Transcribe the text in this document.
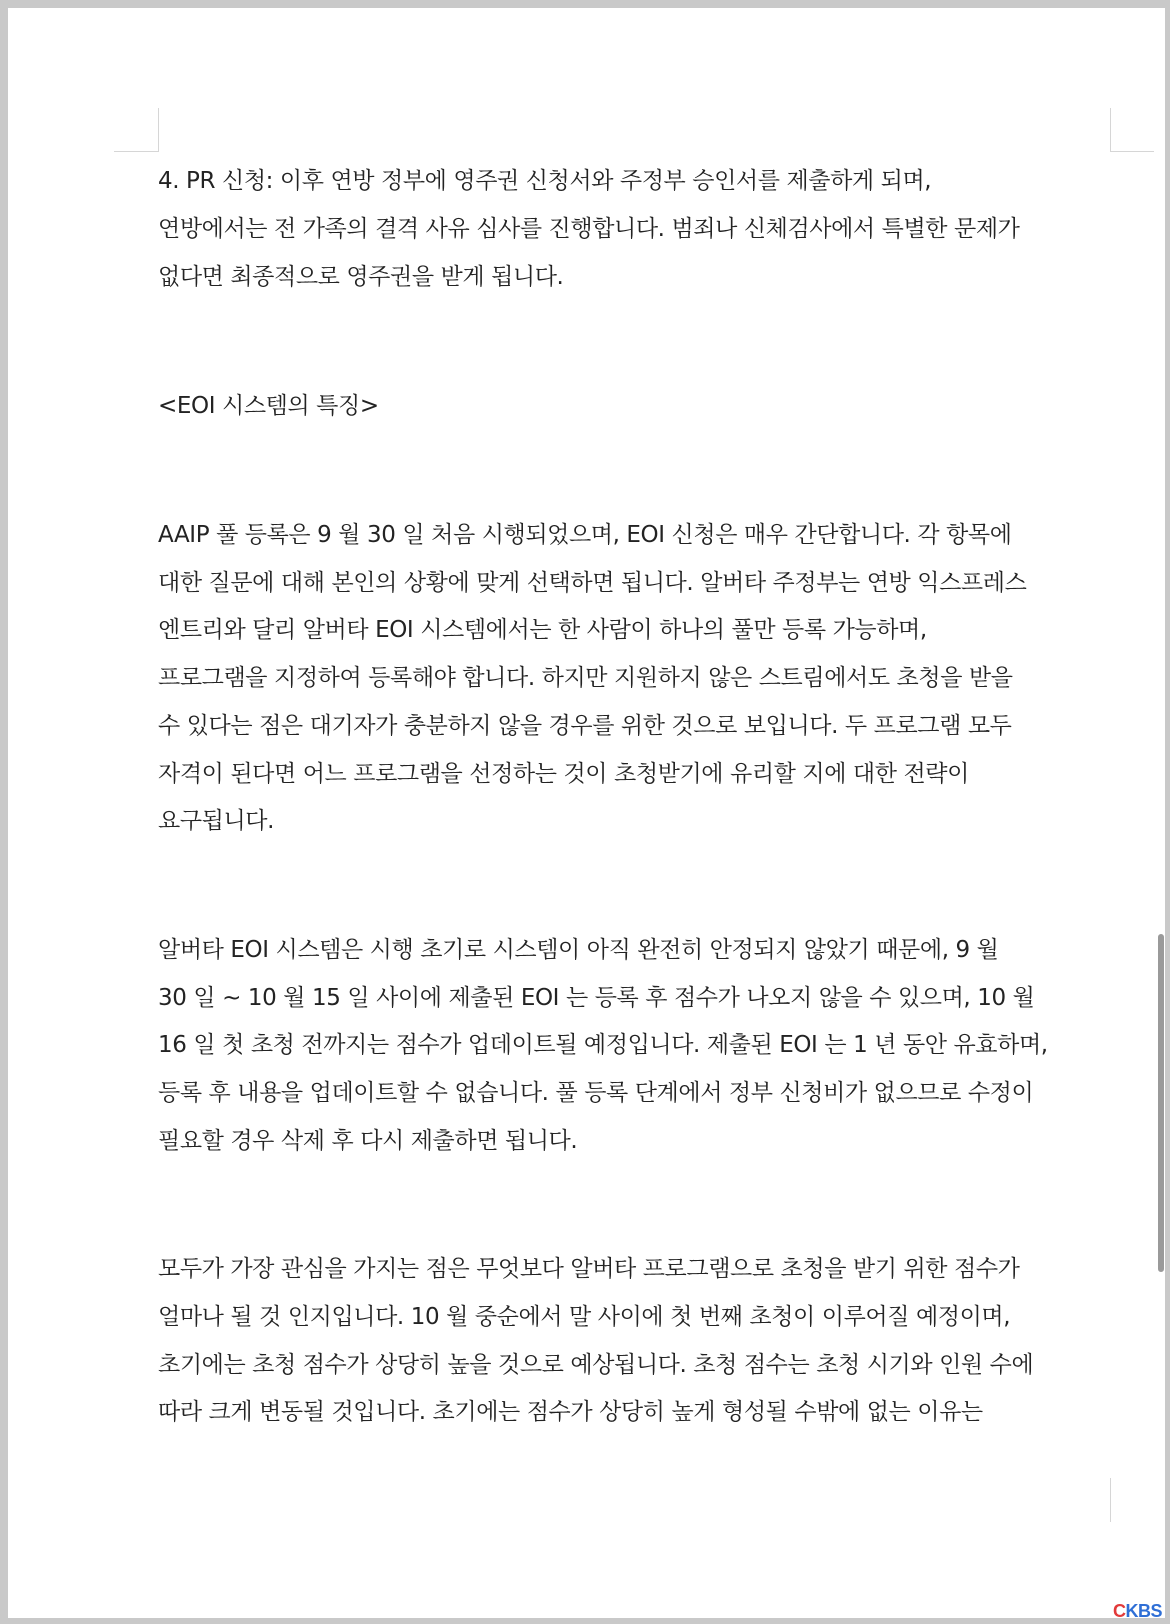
4. PR 신청: 이후 연방 정부에 영주권 신청서와 주정부 승인서를 제출하게 되며,
연방에서는 전 가족의 결격 사유 심사를 진행합니다. 범죄나 신체검사에서 특별한 문제가
없다면 최종적으로 영주권을 받게 됩니다.
<EOI 시스템의 특징>
AAIP 풀 등록은 9 월 30 일 처음 시행되었으며, EOI 신청은 매우 간단합니다. 각 항목에
대한 질문에 대해 본인의 상황에 맞게 선택하면 됩니다. 알버타 주정부는 연방 익스프레스
엔트리와 달리 알버타 EOI 시스템에서는 한 사람이 하나의 풀만 등록 가능하며,
프로그램을 지정하여 등록해야 합니다. 하지만 지원하지 않은 스트림에서도 초청을 받을
수 있다는 점은 대기자가 충분하지 않을 경우를 위한 것으로 보입니다. 두 프로그램 모두
자격이 된다면 어느 프로그램을 선정하는 것이 초청받기에 유리할 지에 대한 전략이
요구됩니다.
알버타 EOI 시스템은 시행 초기로 시스템이 아직 완전히 안정되지 않았기 때문에, 9 월
30 일 ~ 10 월 15 일 사이에 제출된 EOI 는 등록 후 점수가 나오지 않을 수 있으며, 10 월
16 일 첫 초청 전까지는 점수가 업데이트될 예정입니다. 제출된 EOI 는 1 년 동안 유효하며,
등록 후 내용을 업데이트할 수 없습니다. 풀 등록 단계에서 정부 신청비가 없으므로 수정이
필요할 경우 삭제 후 다시 제출하면 됩니다.
모두가 가장 관심을 가지는 점은 무엇보다 알버타 프로그램으로 초청을 받기 위한 점수가
얼마나 될 것 인지입니다. 10 월 중순에서 말 사이에 첫 번째 초청이 이루어질 예정이며,
초기에는 초청 점수가 상당히 높을 것으로 예상됩니다. 초청 점수는 초청 시기와 인원 수에
따라 크게 변동될 것입니다. 초기에는 점수가 상당히 높게 형성될 수밖에 없는 이유는
CKBS
